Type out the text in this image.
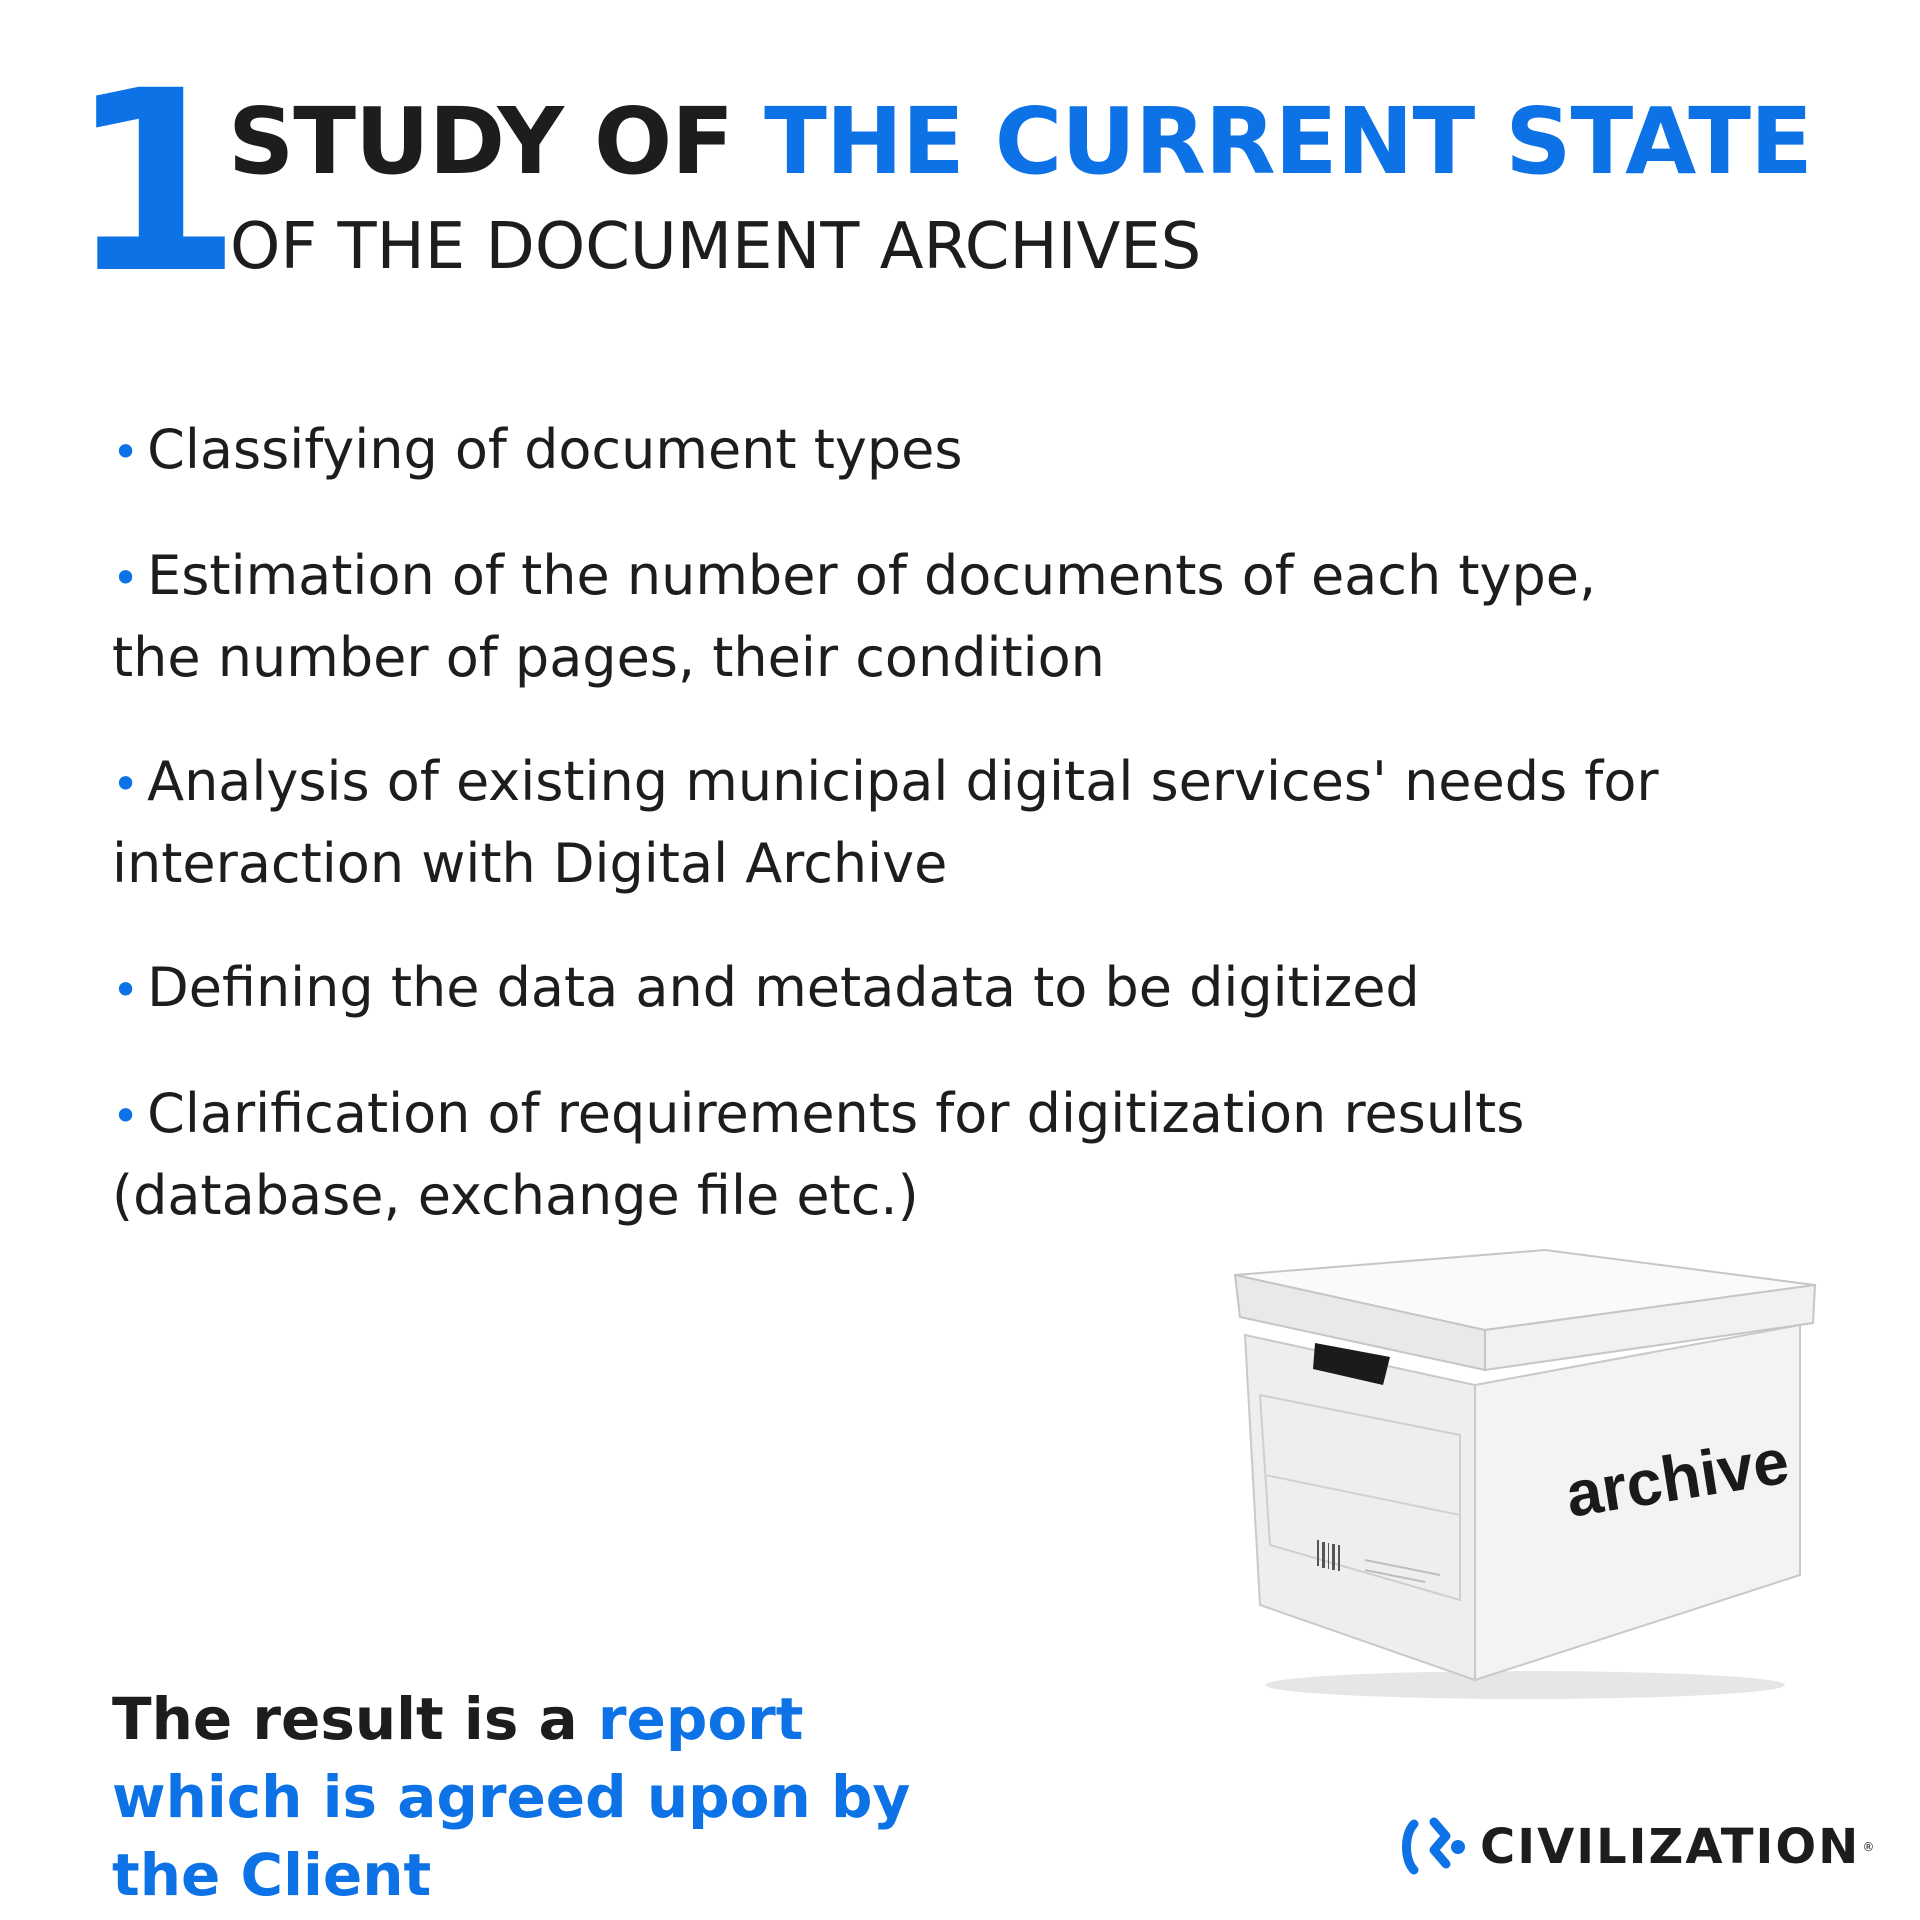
1
STUDY OF THE CURRENT STATE
OF THE DOCUMENT ARCHIVES
• Classifying of document types
• Estimation of the number of documents of each type, the number of pages, their condition
• Analysis of existing municipal digital services' needs for interaction with Digital Archive
• Defining the data and metadata to be digitized
• Clarification of requirements for digitization results (database, exchange file etc.)
archive
The result is a report which is agreed upon by the Client	CIVILIZATION ®
